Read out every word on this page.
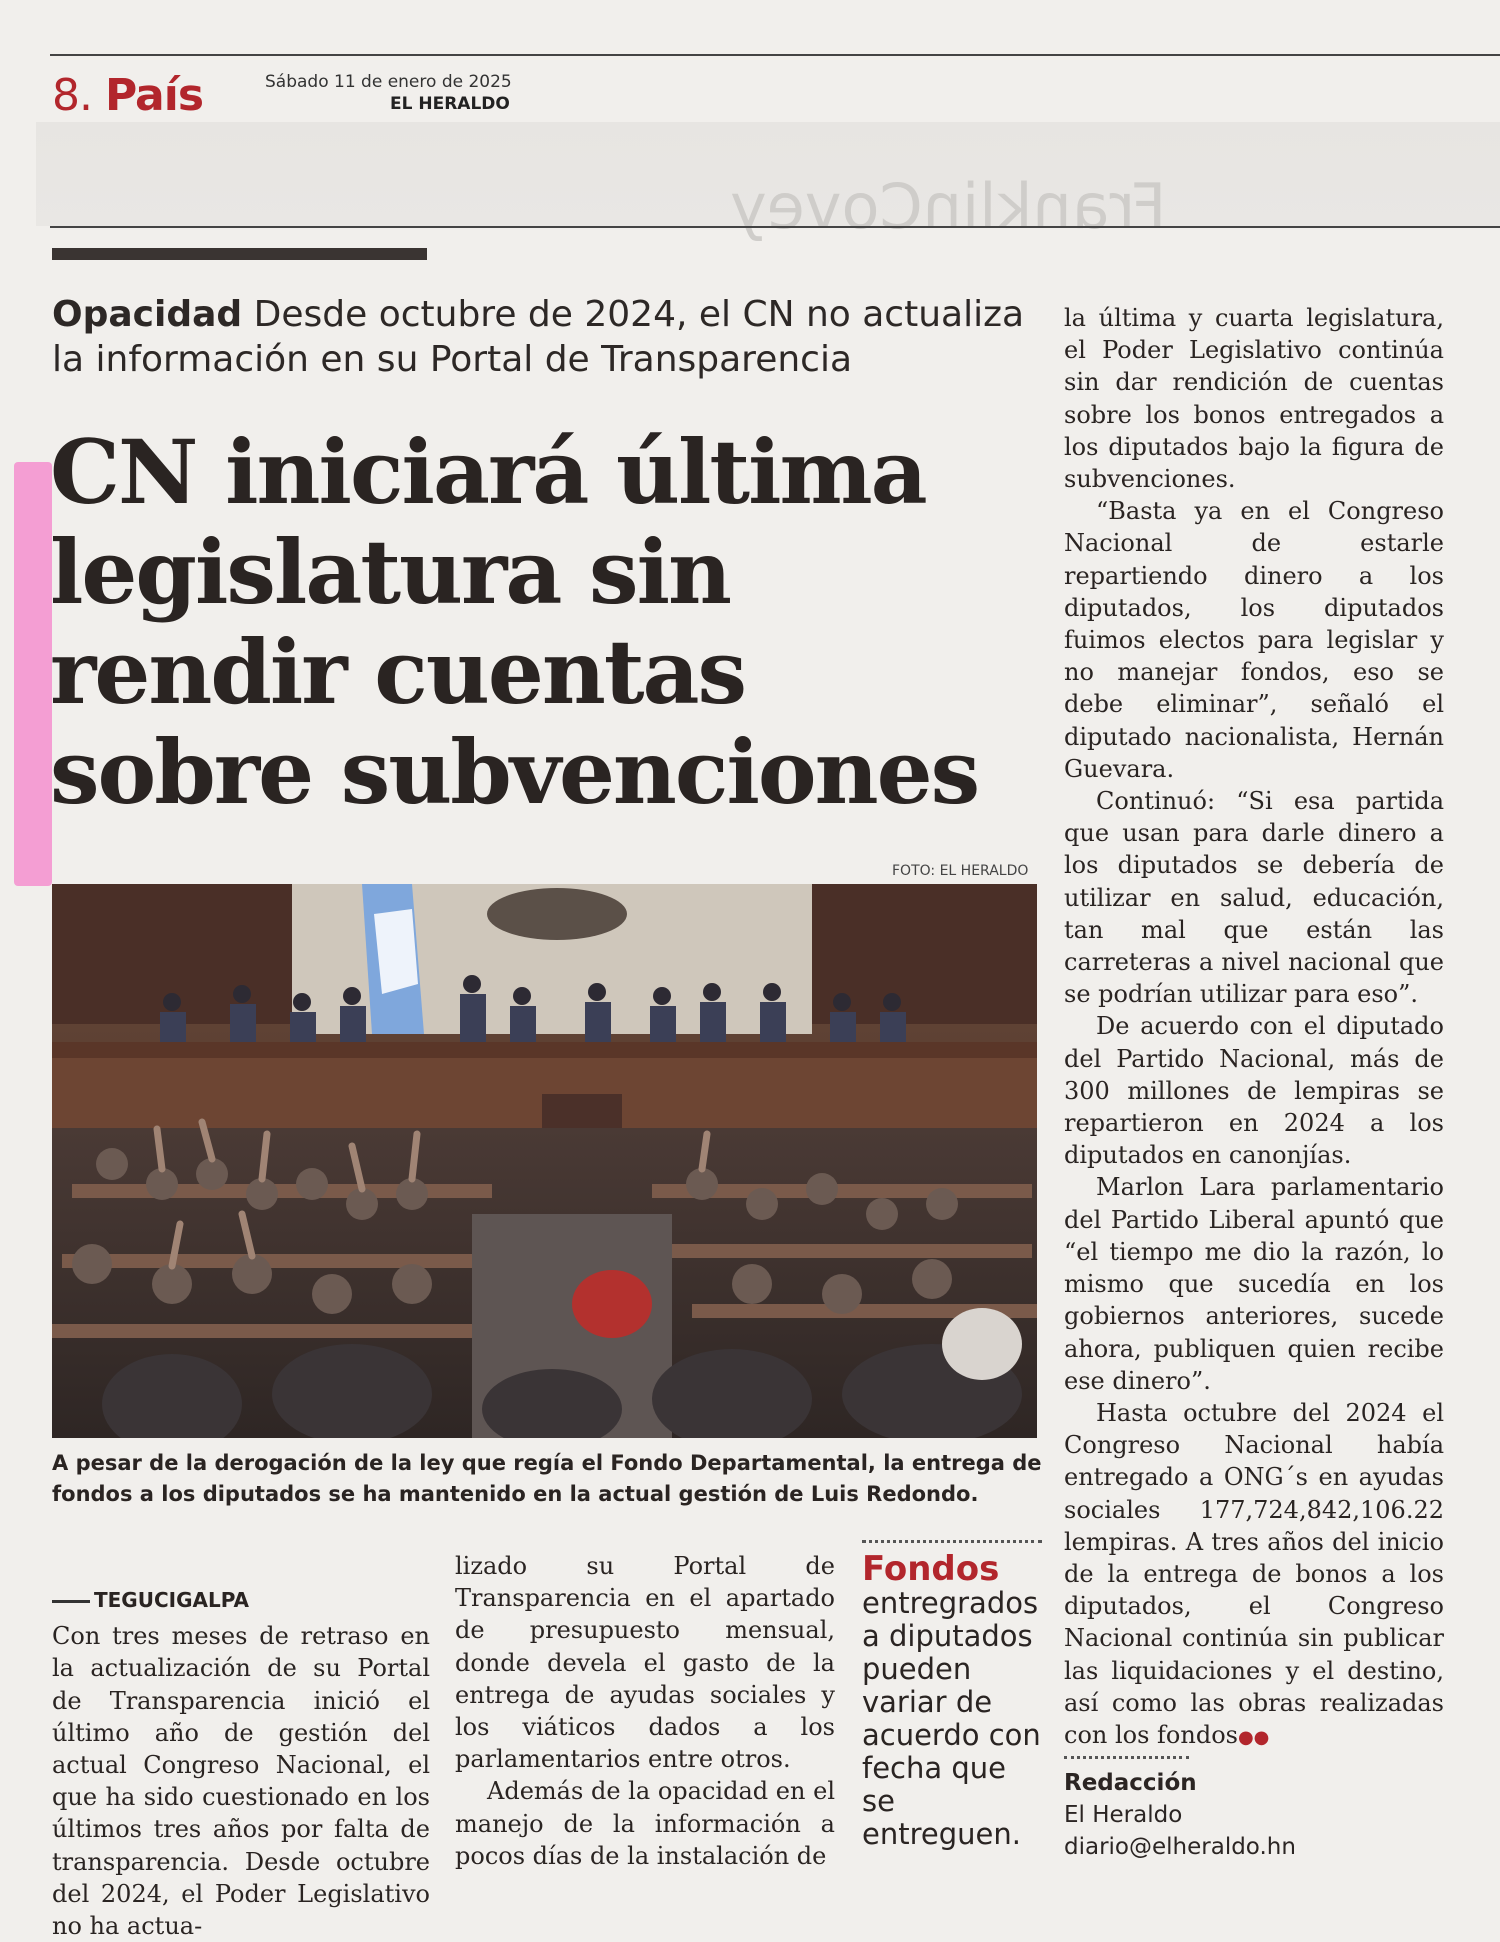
8. País	Sábado 11 de enero de 2025
EL HERALDO
FranklinCovey
Opacidad Desde octubre de 2024, el CN no actualiza la información en su Portal de Transparencia
CN iniciará última
legislatura sin
rendir cuentas
sobre subvenciones
FOTO: EL HERALDO
A pesar de la derogación de la ley que regía el Fondo Departamental, la entrega de fondos a los diputados se ha mantenido en la actual gestión de Luis Redondo.
TEGUCIGALPA

Con tres meses de retraso en la actualización de su Portal de Transparencia inició el último año de gestión del actual Congreso Nacional, el que ha sido cuestionado en los últimos tres años por falta de transparencia. Desde octubre del 2024, el Poder Legislativo no ha actua-

lizado su Portal de Transparencia en el apartado de presupuesto mensual, donde devela el gasto de la entrega de ayudas sociales y los viáticos dados a los parlamentarios entre otros.

Además de la opacidad en el manejo de la información a pocos días de la instalación de

Fondos
entregrados a diputados pueden variar de acuerdo con fecha que se entreguen.

la última y cuarta legislatura, el Poder Legislativo continúa sin dar rendición de cuentas sobre los bonos entregados a los diputados bajo la figura de subvenciones.

“Basta ya en el Congreso Nacional de estarle repartiendo dinero a los diputados, los diputados fuimos electos para legislar y no manejar fondos, eso se debe eliminar”, señaló el diputado nacionalista, Hernán Guevara.

Continuó: “Si esa partida que usan para darle dinero a los diputados se debería de utilizar en salud, educación, tan mal que están las carreteras a nivel nacional que se podrían utilizar para eso”.

De acuerdo con el diputado del Partido Nacional, más de 300 millones de lempiras se repartieron en 2024 a los diputados en canonjías.

Marlon Lara parlamentario del Partido Liberal apuntó que “el tiempo me dio la razón, lo mismo que sucedía en los gobiernos anteriores, sucede ahora, publiquen quien recibe ese dinero”.

Hasta octubre del 2024 el Congreso Nacional había entregado a ONG´s en ayudas sociales 177,724,842,106.22 lempiras. A tres años del inicio de la entrega de bonos a los diputados, el Congreso Nacional continúa sin publicar las liquidaciones y el destino, así como las obras realizadas con los fondos●●

Redacción
El Heraldo
diario@elheraldo.hn
